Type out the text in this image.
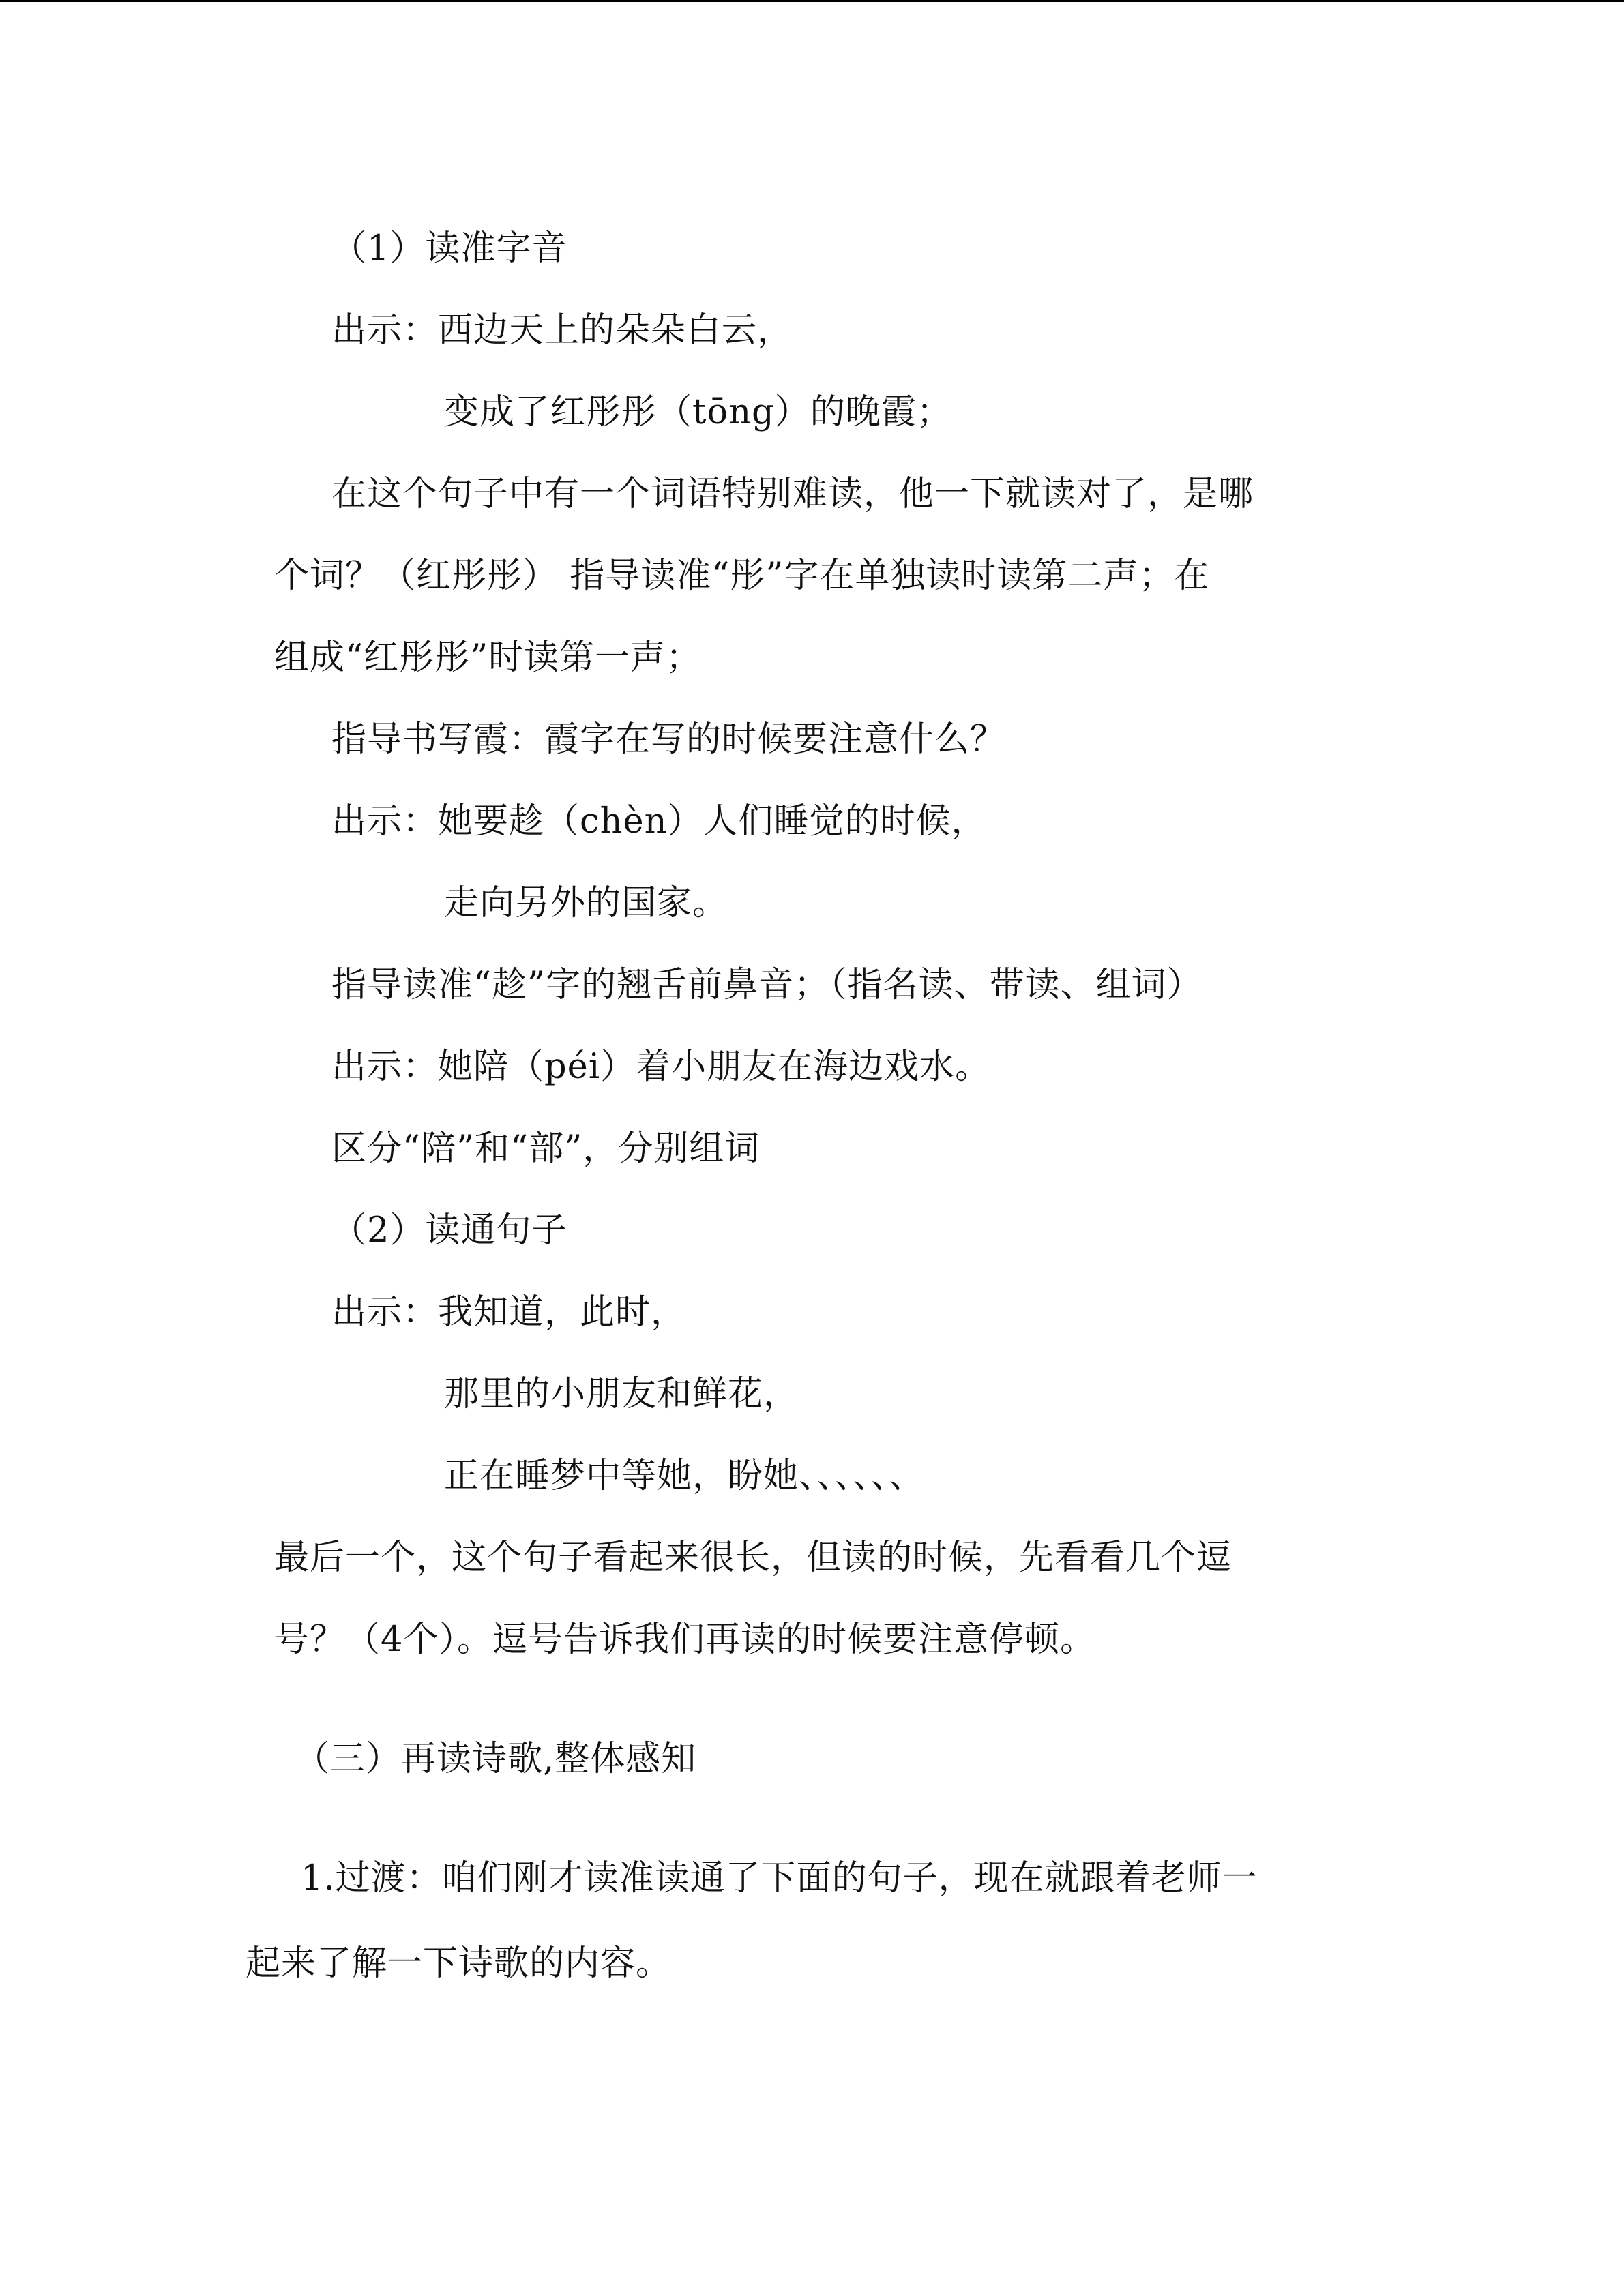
（1）读准字音
出示：西边天上的朵朵白云，
变成了红彤彤（tōng）的晚霞；
在这个句子中有一个词语特别难读，他一下就读对了，是哪
个词？（红彤彤） 指导读准“彤”字在单独读时读第二声；在
组成“红彤彤”时读第一声；
指导书写霞：霞字在写的时候要注意什么？
出示：她要趁（chèn）人们睡觉的时候，
走向另外的国家。
指导读准“趁”字的翘舌前鼻音；（指名读、带读、组词）
出示：她陪（péi）着小朋友在海边戏水。
区分“陪”和“部”，分别组词
（2）读通句子
出示：我知道，此时，
那里的小朋友和鲜花，
正在睡梦中等她，盼她、、、、、、
最后一个，这个句子看起来很长，但读的时候，先看看几个逗
号？（4个）。逗号告诉我们再读的时候要注意停顿。
（三）再读诗歌,整体感知
1.过渡：咱们刚才读准读通了下面的句子，现在就跟着老师一
起来了解一下诗歌的内容。
